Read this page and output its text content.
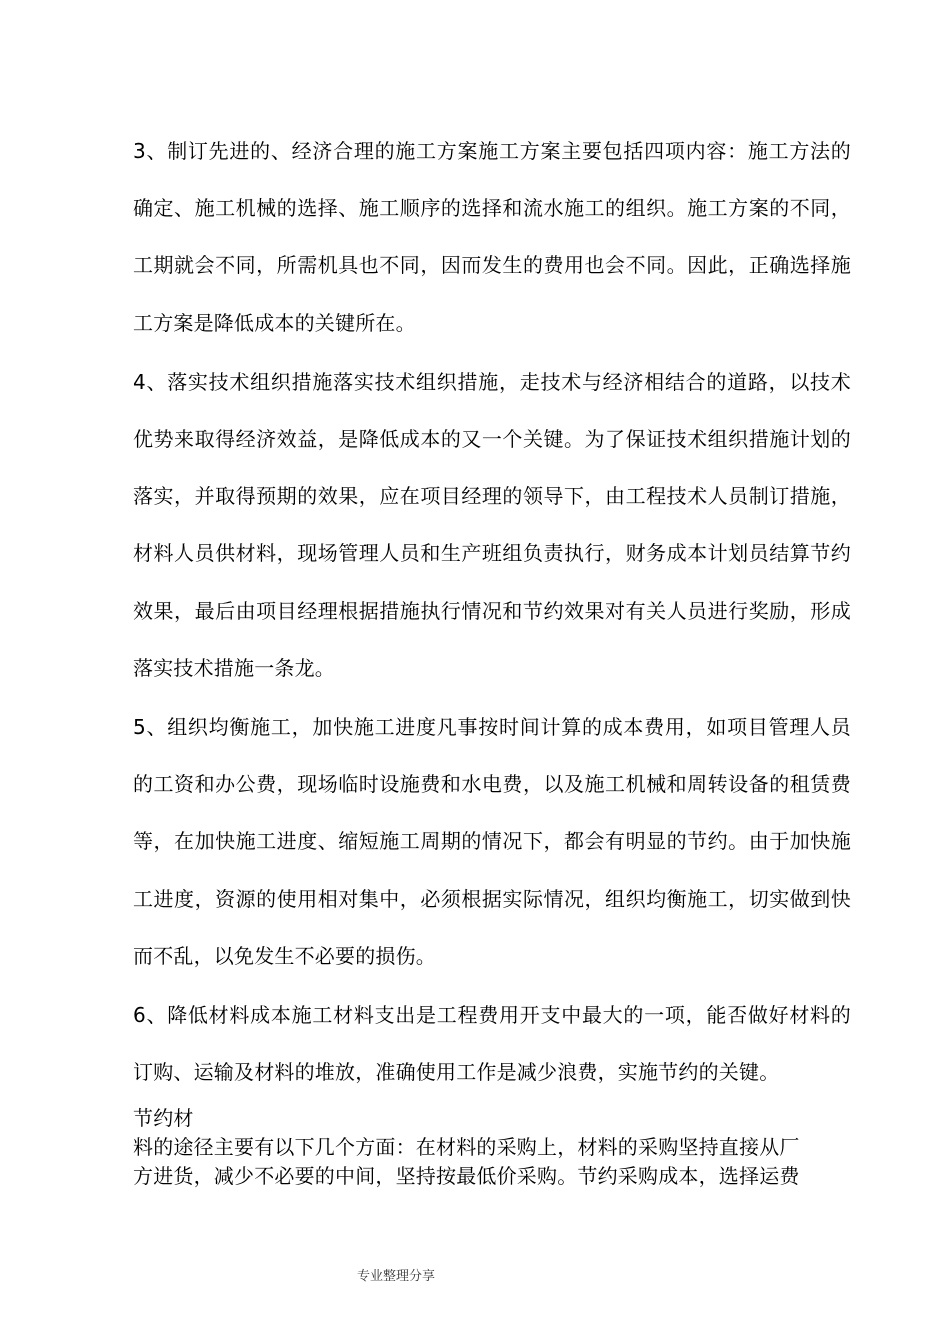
3、制订先进的、经济合理的施工方案施工方案主要包括四项内容：施工方法的确定、施工机械的选择、施工顺序的选择和流水施工的组织。施工方案的不同，工期就会不同，所需机具也不同，因而发生的费用也会不同。因此，正确选择施工方案是降低成本的关键所在。

4、落实技术组织措施落实技术组织措施，走技术与经济相结合的道路，以技术优势来取得经济效益，是降低成本的又一个关键。为了保证技术组织措施计划的落实，并取得预期的效果，应在项目经理的领导下，由工程技术人员制订措施，材料人员供材料，现场管理人员和生产班组负责执行，财务成本计划员结算节约效果，最后由项目经理根据措施执行情况和节约效果对有关人员进行奖励，形成落实技术措施一条龙。

5、组织均衡施工，加快施工进度凡事按时间计算的成本费用，如项目管理人员的工资和办公费，现场临时设施费和水电费，以及施工机械和周转设备的租赁费等，在加快施工进度、缩短施工周期的情况下，都会有明显的节约。由于加快施工进度，资源的使用相对集中，必须根据实际情况，组织均衡施工，切实做到快而不乱，以免发生不必要的损伤。

6、降低材料成本施工材料支出是工程费用开支中最大的一项，能否做好材料的订购、运输及材料的堆放，准确使用工作是减少浪费，实施节约的关键。

节约材
料的途径主要有以下几个方面：在材料的采购上，材料的采购坚持直接从厂
方进货，减少不必要的中间，坚持按最低价采购。节约采购成本，选择运费
专业整理分享
